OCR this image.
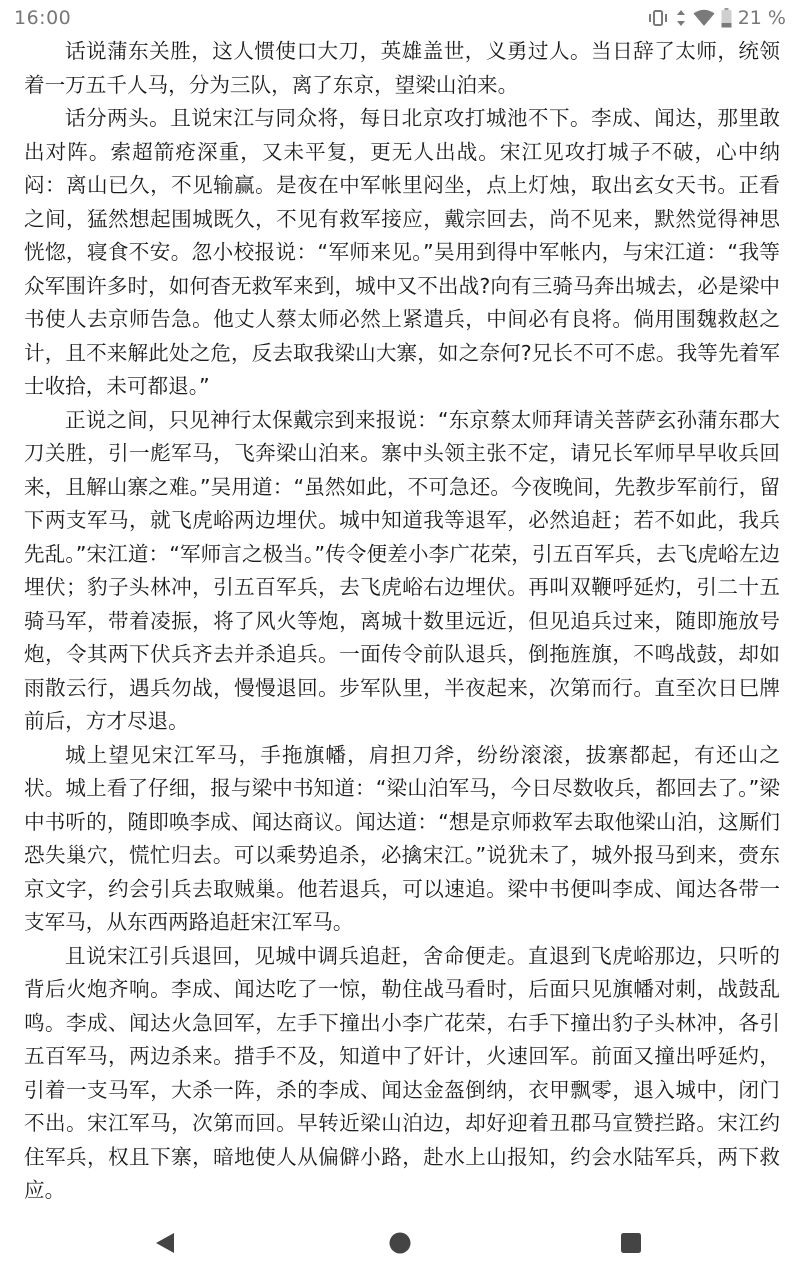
16:00	21 %

话说蒲东关胜，这人惯使口大刀，英雄盖世，义勇过人。当日辞了太师，统领着一万五千人马，分为三队，离了东京，望梁山泊来。

话分两头。且说宋江与同众将，每日北京攻打城池不下。李成、闻达，那里敢出对阵。索超箭疮深重，又未平复，更无人出战。宋江见攻打城子不破，心中纳闷：离山已久，不见输赢。是夜在中军帐里闷坐，点上灯烛，取出玄女天书。正看之间，猛然想起围城既久，不见有救军接应，戴宗回去，尚不见来，默然觉得神思恍惚，寝食不安。忽小校报说：“军师来见。”吴用到得中军帐内，与宋江道：“我等众军围许多时，如何杳无救军来到，城中又不出战?向有三骑马奔出城去，必是梁中书使人去京师告急。他丈人蔡太师必然上紧遣兵，中间必有良将。倘用围魏救赵之计，且不来解此处之危，反去取我梁山大寨，如之奈何?兄长不可不虑。我等先着军士收拾，未可都退。”

正说之间，只见神行太保戴宗到来报说：“东京蔡太师拜请关菩萨玄孙蒲东郡大刀关胜，引一彪军马，飞奔梁山泊来。寨中头领主张不定，请兄长军师早早收兵回来，且解山寨之难。”吴用道：“虽然如此，不可急还。今夜晚间，先教步军前行，留下两支军马，就飞虎峪两边埋伏。城中知道我等退军，必然追赶；若不如此，我兵先乱。”宋江道：“军师言之极当。”传令便差小李广花荣，引五百军兵，去飞虎峪左边埋伏；豹子头林冲，引五百军兵，去飞虎峪右边埋伏。再叫双鞭呼延灼，引二十五骑马军，带着凌振，将了风火等炮，离城十数里远近，但见追兵过来，随即施放号炮，令其两下伏兵齐去并杀追兵。一面传令前队退兵，倒拖旌旗，不鸣战鼓，却如雨散云行，遇兵勿战，慢慢退回。步军队里，半夜起来，次第而行。直至次日巳牌前后，方才尽退。

城上望见宋江军马，手拖旗幡，肩担刀斧，纷纷滚滚，拔寨都起，有还山之状。城上看了仔细，报与梁中书知道：“梁山泊军马，今日尽数收兵，都回去了。”梁中书听的，随即唤李成、闻达商议。闻达道：“想是京师救军去取他梁山泊，这厮们恐失巢穴，慌忙归去。可以乘势追杀，必擒宋江。”说犹未了，城外报马到来，赍东京文字，约会引兵去取贼巢。他若退兵，可以速追。梁中书便叫李成、闻达各带一支军马，从东西两路追赶宋江军马。

且说宋江引兵退回，见城中调兵追赶，舍命便走。直退到飞虎峪那边，只听的背后火炮齐响。李成、闻达吃了一惊，勒住战马看时，后面只见旗幡对刺，战鼓乱鸣。李成、闻达火急回军，左手下撞出小李广花荣，右手下撞出豹子头林冲，各引五百军马，两边杀来。措手不及，知道中了奸计，火速回军。前面又撞出呼延灼，引着一支马军，大杀一阵，杀的李成、闻达金盔倒纳，衣甲飘零，退入城中，闭门不出。宋江军马，次第而回。早转近梁山泊边，却好迎着丑郡马宣赞拦路。宋江约住军兵，权且下寨，暗地使人从偏僻小路，赴水上山报知，约会水陆军兵，两下救应。
